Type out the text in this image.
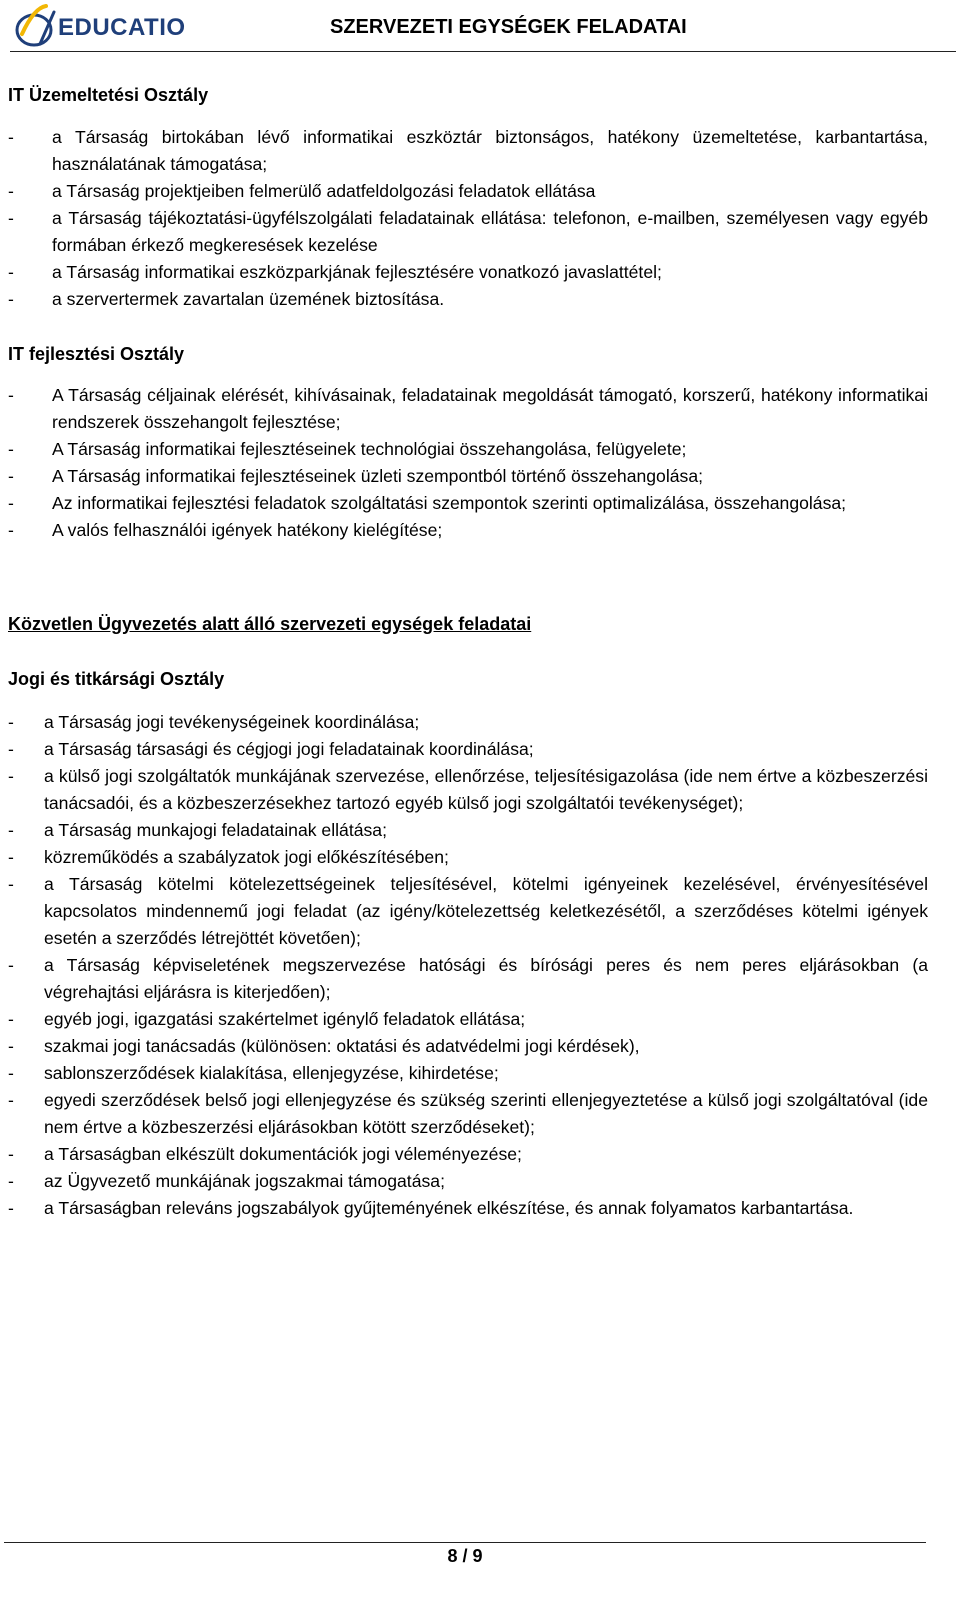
EDUCATIO	SZERVEZETI EGYSÉGEK FELADATAI
IT Üzemeltetési Osztály
- a Társaság birtokában lévő informatikai eszköztár biztonságos, hatékony üzemeltetése, karbantartása, használatának támogatása;
- a Társaság projektjeiben felmerülő adatfeldolgozási feladatok ellátása
- a Társaság tájékoztatási-ügyfélszolgálati feladatainak ellátása: telefonon, e-mailben, személyesen vagy egyéb formában érkező megkeresések kezelése
- a Társaság informatikai eszközparkjának fejlesztésére vonatkozó javaslattétel;
- a szervertermek zavartalan üzemének biztosítása.
IT fejlesztési Osztály
- A Társaság céljainak elérését, kihívásainak, feladatainak megoldását támogató, korszerű, hatékony informatikai rendszerek összehangolt fejlesztése;
- A Társaság informatikai fejlesztéseinek technológiai összehangolása, felügyelete;
- A Társaság informatikai fejlesztéseinek üzleti szempontból történő összehangolása;
- Az informatikai fejlesztési feladatok szolgáltatási szempontok szerinti optimalizálása, összehangolása;
- A valós felhasználói igények hatékony kielégítése;
Közvetlen Ügyvezetés alatt álló szervezeti egységek feladatai
Jogi és titkársági Osztály
- a Társaság jogi tevékenységeinek koordinálása;
- a Társaság társasági és cégjogi jogi feladatainak koordinálása;
- a külső jogi szolgáltatók munkájának szervezése, ellenőrzése, teljesítésigazolása (ide nem értve a közbeszerzési tanácsadói, és a közbeszerzésekhez tartozó egyéb külső jogi szolgáltatói tevékenységet);
- a Társaság munkajogi feladatainak ellátása;
- közreműködés a szabályzatok jogi előkészítésében;
- a Társaság kötelmi kötelezettségeinek teljesítésével, kötelmi igényeinek kezelésével, érvényesítésével kapcsolatos mindennemű jogi feladat (az igény/kötelezettség keletkezésétől, a szerződéses kötelmi igények esetén a szerződés létrejöttét követően);
- a Társaság képviseletének megszervezése hatósági és bírósági peres és nem peres eljárásokban (a végrehajtási eljárásra is kiterjedően);
- egyéb jogi, igazgatási szakértelmet igénylő feladatok ellátása;
- szakmai jogi tanácsadás (különösen: oktatási és adatvédelmi jogi kérdések),
- sablonszerződések kialakítása, ellenjegyzése, kihirdetése;
- egyedi szerződések belső jogi ellenjegyzése és szükség szerinti ellenjegyeztetése a külső jogi szolgáltatóval (ide nem értve a közbeszerzési eljárásokban kötött szerződéseket);
- a Társaságban elkészült dokumentációk jogi véleményezése;
- az Ügyvezető munkájának jogszakmai támogatása;
- a Társaságban releváns jogszabályok gyűjteményének elkészítése, és annak folyamatos karbantartása.
8 / 9
